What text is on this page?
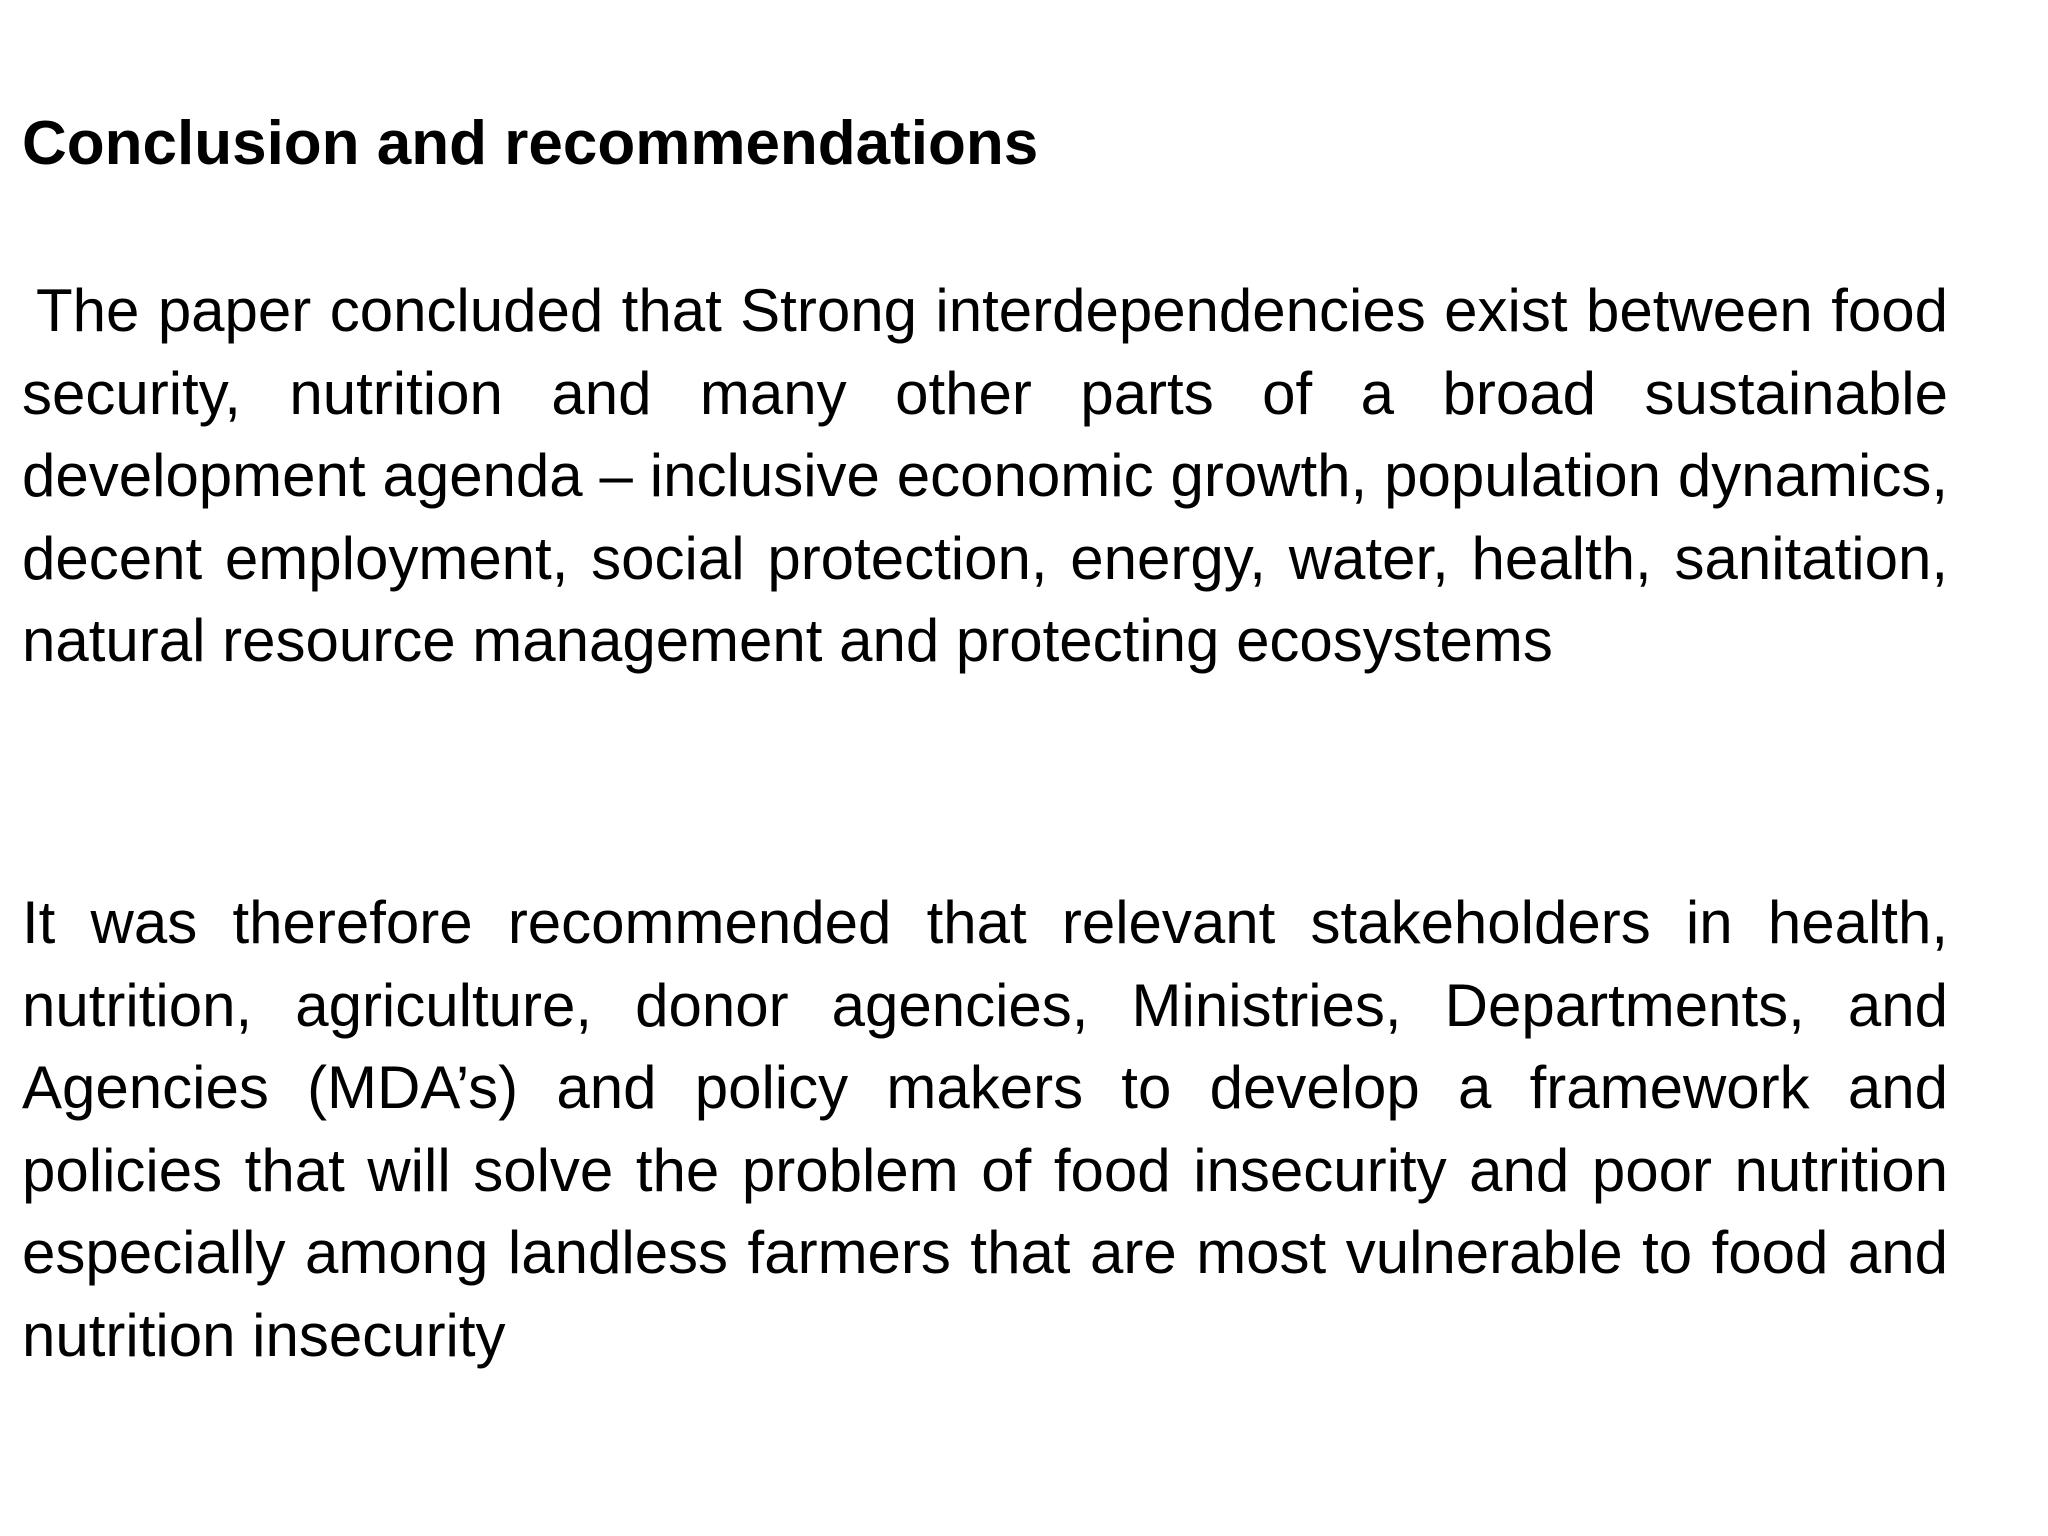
Conclusion and recommendations

The paper concluded that Strong interdependencies exist between food security, nutrition and many other parts of a broad sustainable development agenda – inclusive economic growth, population dynamics, decent employment, social protection, energy, water, health, sanitation, natural resource management and protecting ecosystems

It was therefore recommended that relevant stakeholders in health, nutrition, agriculture, donor agencies, Ministries, Departments, and Agencies (MDA’s) and policy makers to develop a framework and policies that will solve the problem of food insecurity and poor nutrition especially among landless farmers that are most vulnerable to food and nutrition insecurity
